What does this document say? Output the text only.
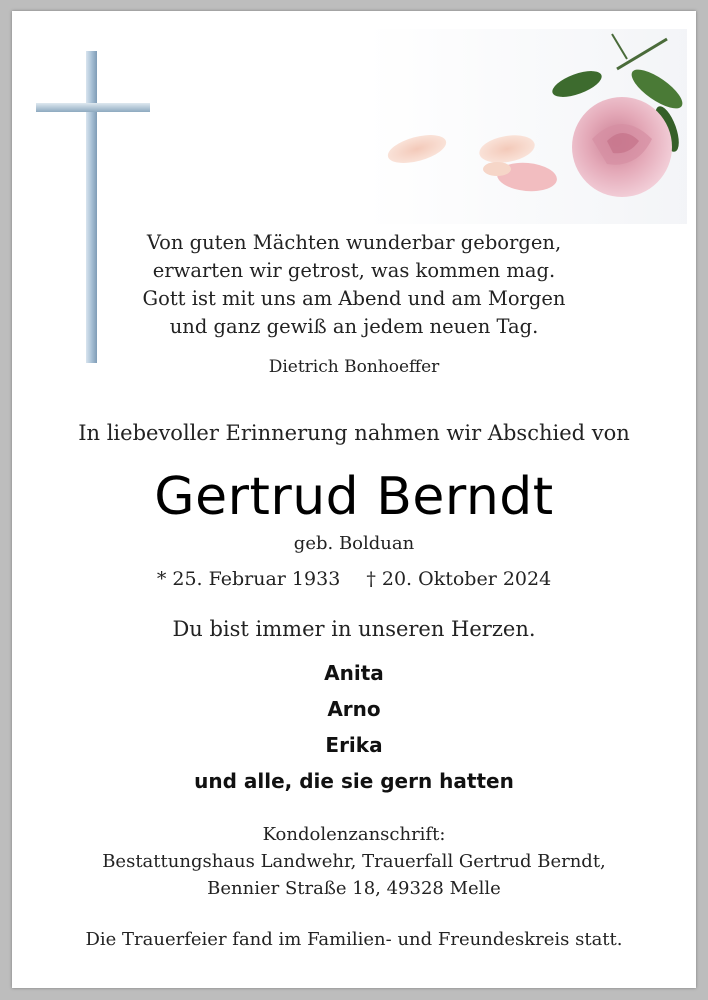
Von guten Mächten wunderbar geborgen,
erwarten wir getrost, was kommen mag.
Gott ist mit uns am Abend und am Morgen
und ganz gewiß an jedem neuen Tag.
Dietrich Bonhoeffer
In liebevoller Erinnerung nahmen wir Abschied von
Gertrud Berndt
geb. Bolduan
* 25. Februar 1933 † 20. Oktober 2024
Du bist immer in unseren Herzen.
Anita
Arno
Erika
und alle, die sie gern hatten
Kondolenzanschrift:
Bestattungshaus Landwehr, Trauerfall Gertrud Berndt,
Bennier Straße 18, 49328 Melle
Die Trauerfeier fand im Familien- und Freundeskreis statt.
